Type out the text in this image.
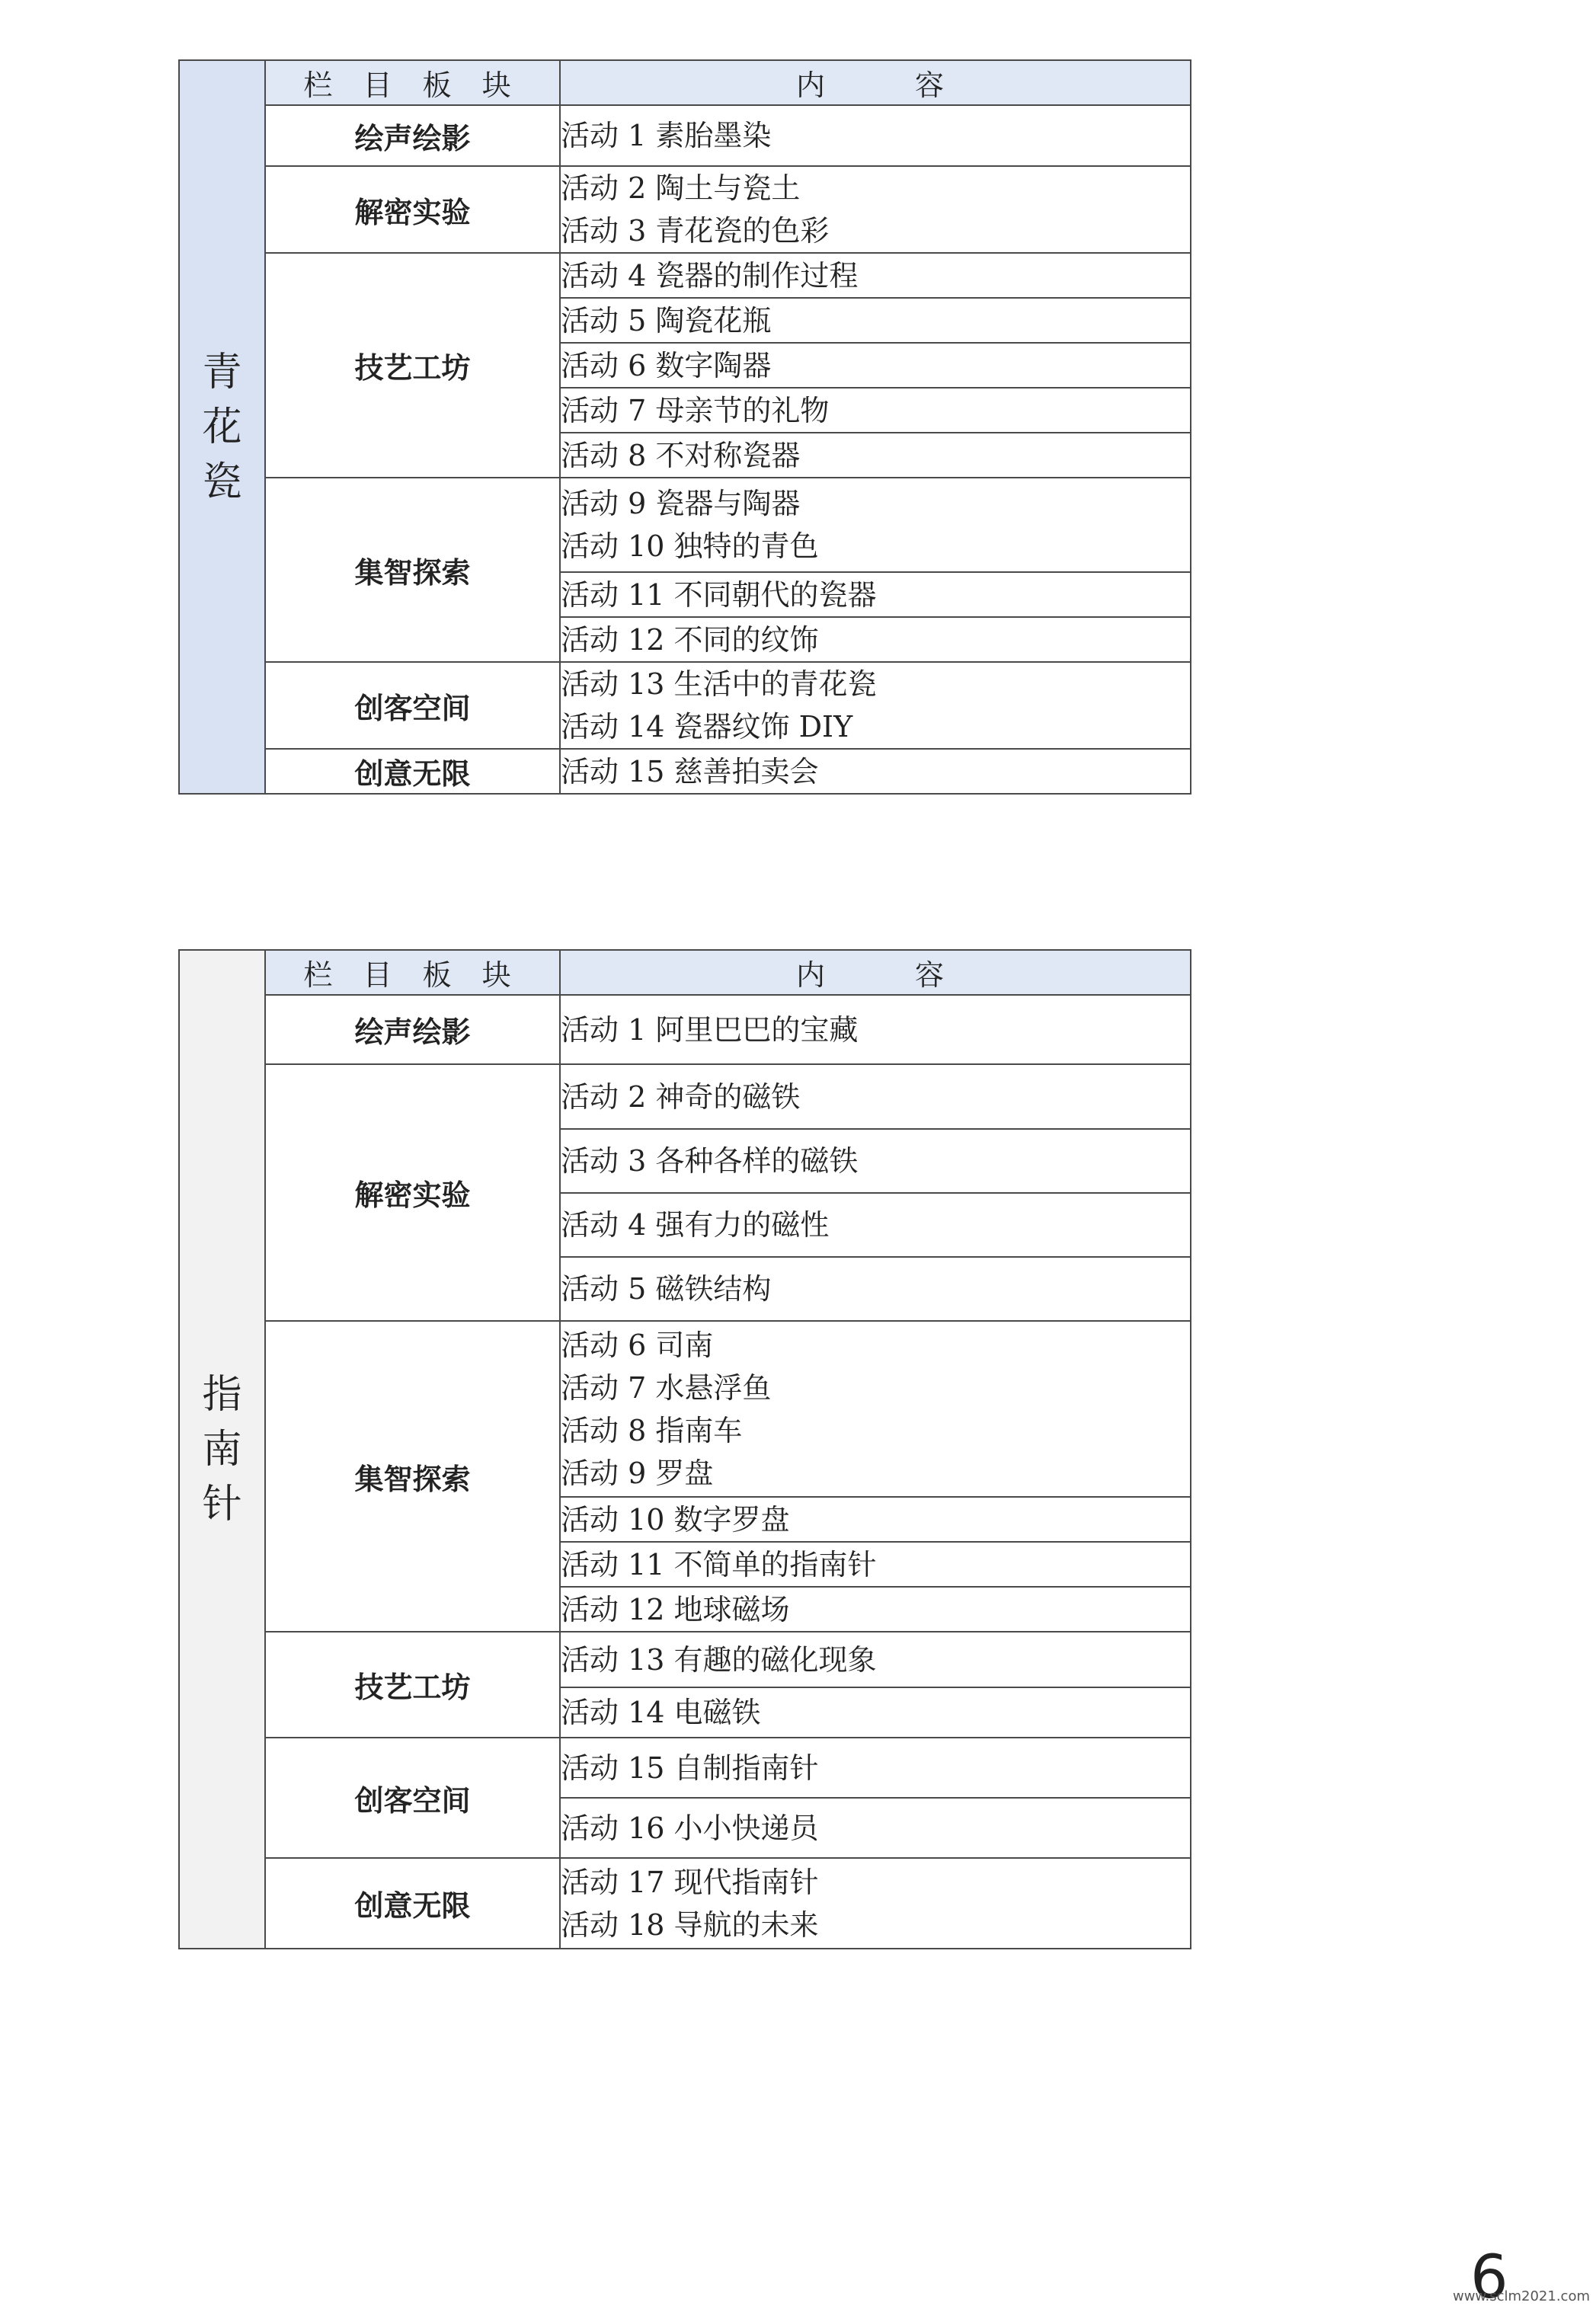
青
花
瓷	栏 目 板 块	内　　容
	绘声绘影	活动 1 素胎墨染

	解密实验	活动 2 陶土与瓷土
活动 3 青花瓷的色彩

	技艺工坊	活动 4 瓷器的制作过程

		活动 5 陶瓷花瓶

		活动 6 数字陶器

		活动 7 母亲节的礼物

		活动 8 不对称瓷器

	集智探索	活动 9 瓷器与陶器
活动 10 独特的青色

		活动 11 不同朝代的瓷器

		活动 12 不同的纹饰

	创客空间	活动 13 生活中的青花瓷
活动 14 瓷器纹饰 DIY

	创意无限	活动 15 慈善拍卖会
指
南
针	栏 目 板 块	内　　容
	绘声绘影	活动 1 阿里巴巴的宝藏

	解密实验	活动 2 神奇的磁铁

		活动 3 各种各样的磁铁

		活动 4 强有力的磁性

		活动 5 磁铁结构

	集智探索	活动 6 司南
活动 7 水悬浮鱼
活动 8 指南车
活动 9 罗盘

		活动 10 数字罗盘

		活动 11 不简单的指南针

		活动 12 地球磁场

	技艺工坊	活动 13 有趣的磁化现象

		活动 14 电磁铁

	创客空间	活动 15 自制指南针

		活动 16 小小快递员

	创意无限	活动 17 现代指南针
活动 18 导航的未来
6
www.sclm2021.com
